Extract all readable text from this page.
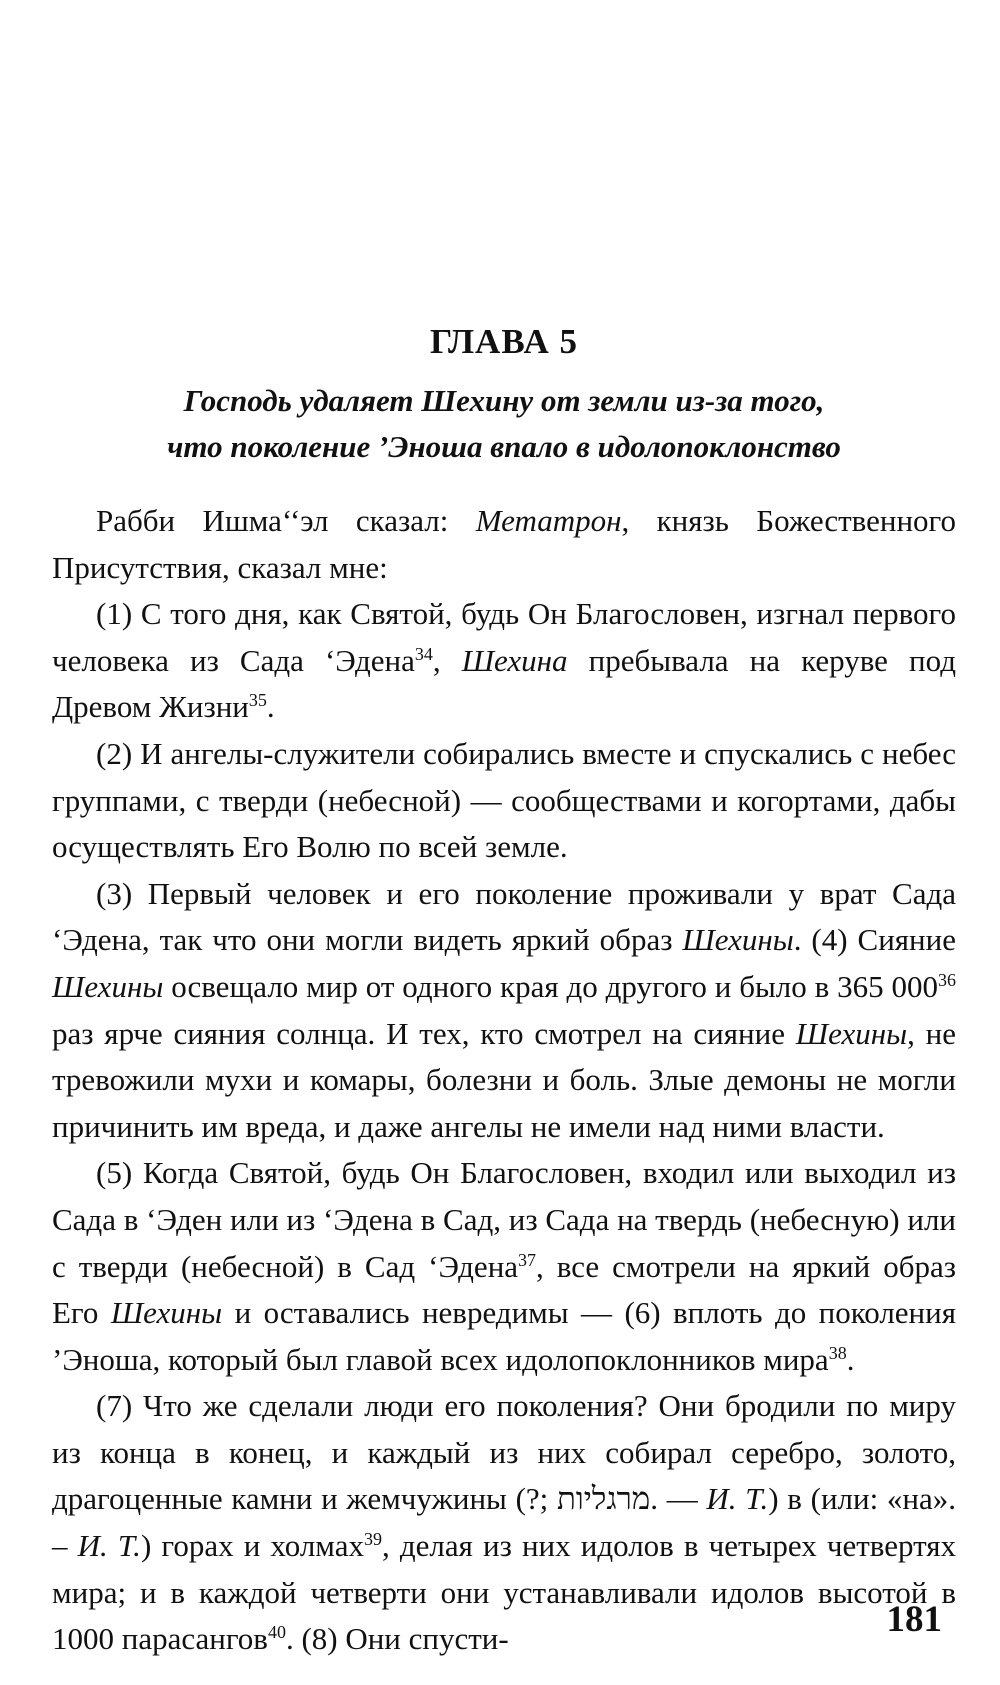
ГЛАВА 5
Господь удаляет Шехину от земли из-за того,
что поколение ’Эноша впало в идолопоклонство

Рабби Ишма‘‘эл сказал: Метатрон, князь Божественного Присутствия, сказал мне:

(1) С того дня, как Святой, будь Он Благословен, изгнал первого человека из Сада ‘Эдена$^{34}$, Шехина пребывала на керуве под Древом Жизни$^{35}$.

(2) И ангелы-служители собирались вместе и спускались с небес группами, с тверди (небесной) — сообществами и когортами, дабы осуществлять Его Волю по всей земле.

(3) Первый человек и его поколение проживали у врат Сада ‘Эдена, так что они могли видеть яркий образ Шехины. (4) Сияние Шехины освещало мир от одного края до другого и было в 365 000$^{36}$ раз ярче сияния солнца. И тех, кто смотрел на сияние Шехины, не тревожили мухи и комары, болезни и боль. Злые демоны не могли причинить им вреда, и даже ангелы не имели над ними власти.

(5) Когда Святой, будь Он Благословен, входил или выходил из Сада в ‘Эден или из ‘Эдена в Сад, из Сада на твердь (небесную) или с тверди (небесной) в Сад ‘Эдена$^{37}$, все смотрели на яркий образ Его Шехины и оставались невредимы — (6) вплоть до поколения ’Эноша, который был главой всех идолопоклонников мира$^{38}$.

(7) Что же сделали люди его поколения? Они бродили по миру из конца в конец, и каждый из них собирал серебро, золото, драгоценные камни и жемчужины (?; מרגליות. — И. Т.) в (или: «на». – И. Т.) горах и холмах$^{39}$, делая из них идолов в четырех четвертях мира; и в каждой четверти они устанавливали идолов высотой в 1000 парасангов$^{40}$. (8) Они спусти-	181
